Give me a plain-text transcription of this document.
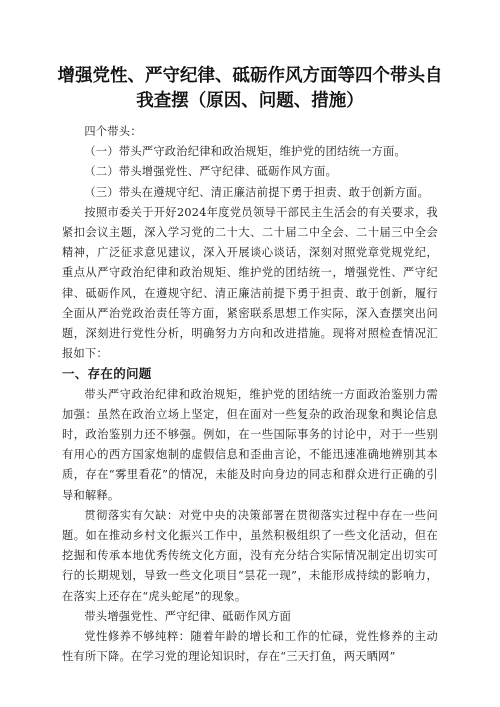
增强党性、严守纪律、砥砺作风方面等四个带头自我查摆（原因、问题、措施）

四个带头：

（一）带头严守政治纪律和政治规矩，维护党的团结统一方面。

（二）带头增强党性、严守纪律、砥砺作风方面。

（三）带头在遵规守纪、清正廉洁前提下勇于担责、敢于创新方面。

按照市委关于开好2024年度党员领导干部民主生活会的有关要求，我紧扣会议主题，深入学习党的二十大、二十届二中全会、二十届三中全会精神，广泛征求意见建议，深入开展谈心谈话，深刻对照党章党规党纪，重点从严守政治纪律和政治规矩、维护党的团结统一，增强党性、严守纪律、砥砺作风，在遵规守纪、清正廉洁前提下勇于担责、敢于创新，履行全面从严治党政治责任等方面，紧密联系思想工作实际，深入查摆突出问题，深刻进行党性分析，明确努力方向和改进措施。现将对照检查情况汇报如下：

一、存在的问题

带头严守政治纪律和政治规矩，维护党的团结统一方面政治鉴别力需加强：虽然在政治立场上坚定，但在面对一些复杂的政治现象和舆论信息时，政治鉴别力还不够强。例如，在一些国际事务的讨论中，对于一些别有用心的西方国家炮制的虚假信息和歪曲言论，不能迅速准确地辨别其本质，存在“雾里看花”的情况，未能及时向身边的同志和群众进行正确的引导和解释。

贯彻落实有欠缺：对党中央的决策部署在贯彻落实过程中存在一些问题。如在推动乡村文化振兴工作中，虽然积极组织了一些文化活动，但在挖掘和传承本地优秀传统文化方面，没有充分结合实际情况制定出切实可行的长期规划，导致一些文化项目“昙花一现”，未能形成持续的影响力，在落实上还存在“虎头蛇尾”的现象。

带头增强党性、严守纪律、砥砺作风方面

党性修养不够纯粹：随着年龄的增长和工作的忙碌，党性修养的主动性有所下降。在学习党的理论知识时，存在“三天打鱼，两天晒网”
